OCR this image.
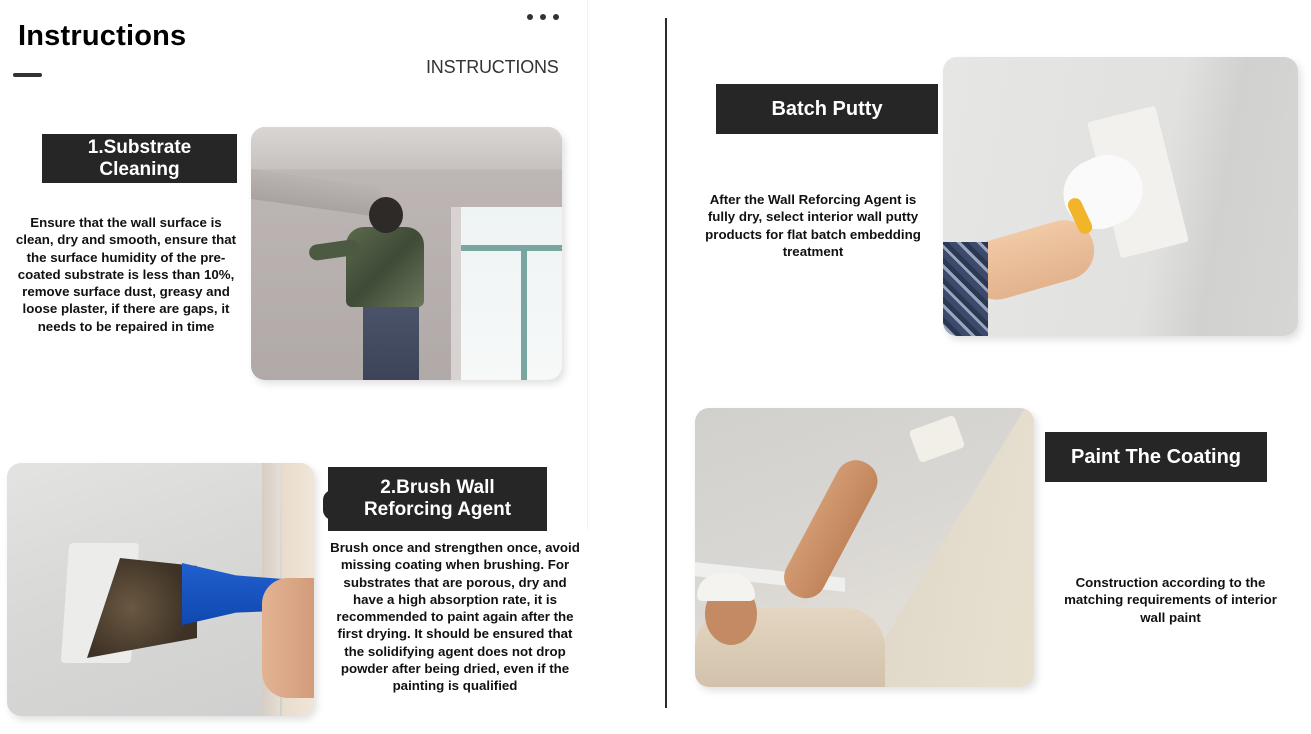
Instructions
INSTRUCTIONS
1.Substrate
Cleaning
Ensure that the wall surface is clean, dry and smooth, ensure that the surface humidity of the pre-coated substrate is less than 10%, remove surface dust, greasy and loose plaster, if there are gaps, it needs to be repaired in time
2.Brush Wall
Reforcing Agent
Brush once and strengthen once, avoid missing coating when brushing. For substrates that are porous, dry and have a high absorption rate, it is recommended to paint again after the first drying. It should be ensured that the solidifying agent does not drop powder after being dried, even if the painting is qualified
Batch Putty
After the Wall Reforcing Agent is fully dry, select interior wall putty products for flat batch embedding treatment
Paint The Coating
Construction according to the matching requirements of interior wall paint
